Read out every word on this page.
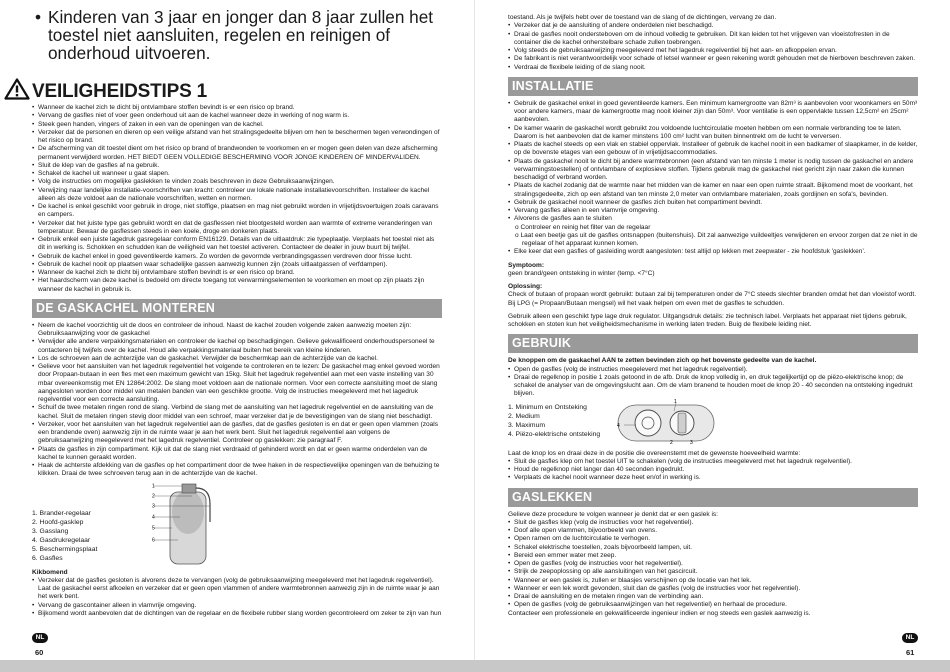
• Kinderen van 3 jaar en jonger dan 8 jaar zullen het toestel niet aansluiten, regelen en reinigen of onderhoud uitvoeren.
VEILIGHEIDSTIPS 1
• Wanneer de kachel zich te dicht bij ontvlambare stoffen bevindt is er een risico op brand.
• Vervang de gasfles niet of voer geen onderhoud uit aan de kachel wanneer deze in werking of nog warm is.
• Steek geen handen, vingers of zaken in een van de openingen van de kachel.
• Verzeker dat de personen en dieren op een veilige afstand van het stralingsgedeelte blijven om hen te beschermen tegen verwondingen of het risico op brand.
• De afscherming van dit toestel dient om het risico op brand of brandwonden te voorkomen en er mogen geen delen van deze afscherming permanent verwijderd worden. HET BIEDT GEEN VOLLEDIGE BESCHERMING VOOR JONGE KINDEREN OF MINDERVALIDEN.
• Sluit de klep van de gasfles af na gebruik.
• Schakel de kachel uit wanneer u gaat slapen.
• Volg de instructies om mogelijke gaslekken te vinden zoals beschreven in deze Gebruiksaanwijzingen.
• Verwijzing naar landelijke installatie-voorschriften van kracht: controleer uw lokale nationale installatievoorschriften. Installeer de kachel alleen als deze voldoet aan de nationale voorschriften, wetten en normen.
• De kachel is enkel geschikt voor gebruik in droge, niet stoffige, plaatsen en mag niet gebruikt worden in vrijetijdsvoertuigen zoals caravans en campers.
• Verzeker dat het juiste type gas gebruikt wordt en dat de gasflessen niet blootgesteld worden aan warmte of extreme veranderingen van temperatuur. Bewaar de gasflessen steeds in een koele, droge en donkeren plaats.
• Gebruik enkel een juiste lagedruk gasregelaar conform EN16129. Details van de uitlaatdruk: zie typeplaatje. Verplaats het toestel niet als dit in werking is. Schokken en schudden kan de veiligheid van het toestel activeren. Contacteer de dealer in jouw buurt bij twijfel.
• Gebruik de kachel enkel in goed geventileerde kamers. Zo worden de gevormde verbrandingsgassen verdreven door frisse lucht.
• Gebruik de kachel nooit op plaatsen waar schadelijke gassen aanwezig kunnen zijn (zoals uitlaatgassen of verfdampen).
• Wanneer de kachel zich te dicht bij ontvlambare stoffen bevindt is er een risico op brand.
• Het haardscherm van deze kachel is bedoeld om directe toegang tot verwarmingselementen te voorkomen en moet op zijn plaats zijn wanneer de kachel in gebruik is.
DE GASKACHEL MONTEREN
• Neem de kachel voorzichtig uit de doos en controleer de inhoud. Naast de kachel zouden volgende zaken aanwezig moeten zijn: Gebruiksaanwijzing voor de gaskachel
• Verwijder alle andere verpakkingsmaterialen en controleer de kachel op beschadigingen. Gelieve gekwalificeerd onderhoudspersoneel te contacteren bij twijfels over de kachel. Houd alle verpakkingsmateriaal buiten het bereik van kleine kinderen.
• Los de schroeven aan de achterzijde van de gaskachel. Verwijder de beschermkap aan de achterzijde van de kachel.
• Gelieve voor het aansluiten van het lagedruk regelventiel het volgende te controleren en te lezen: De gaskachel mag enkel gevoed worden door Propaan-butaan in een fles met een maximum gewicht van 15kg. Sluit het lagedruk regelventiel aan met een vaste instelling van 30 mbar overeenkomstig met EN 12864:2002. De slang moet voldoen aan de nationale normen. Voor een correcte aansluiting moet de slang aangesloten worden door middel van metalen banden van een geschikte grootte. Volg de instructies meegeleverd met het lagedruk regelventiel voor een correcte aansluiting.
• Schuif de twee metalen ringen rond de slang. Verbind de slang met de aansluiting van het lagedruk regelventiel en de aansluiting van de kachel. Sluit de metalen ringen stevig door middel van een schroef, maar verzeker dat je de bevestigingen van de slang niet beschadigt.
• Verzeker, voor het aansluiten van het lagedruk regelventiel aan de gasfles, dat de gasfles gesloten is en dat er geen open vlammen (zoals een brandende oven) aanwezig zijn in de ruimte waar je aan het werk bent. Sluit het lagedruk regelventiel aan volgens de gebruiksaanwijzing meegeleverd met het lagedruk regelventiel. Controleer op gaslekken: zie paragraaf F.
• Plaats de gasfles in zijn compartiment. Kijk uit dat de slang niet verdraaid of gehinderd wordt en dat er geen warme onderdelen van de kachel te kunnen geraakt worden.
• Haak de achterste afdekking van de gasfles op het compartiment door de twee haken in de respectievelijke openingen van de behuizing te klikken. Draai de twee schroeven terug aan in de achterzijde van de kachel.
1. Brander-regelaar
2. Hoofd-gasklep
3. Gasslang
4. Gasdrukregelaar
5. Beschermingsplaat
6. Gasfles
1
2
3
4
5
6
Kikbomend
• Verzeker dat de gasfles gesloten is alvorens deze te vervangen (volg de gebruiksaanwijzing meegeleverd met het lagedruk regelventiel). Laat de gaskachel eerst afkoelen en verzeker dat er geen open vlammen of andere warmtebronnen aanwezig zijn in de ruimte waar je aan het werk bent.
• Vervang de gascontainer alleen in vlamvrije omgeving.
• Bijkomend wordt aanbevolen dat de dichtingen van de regelaar en de flexibele rubber slang worden gecontroleerd om zeker te zijn van hun
NL
60
toestand. Als je twijfels hebt over de toestand van de slang of de dichtingen, vervang ze dan.
• Verzeker dat je de aansluiting of andere onderdelen niet beschadigd.
• Draai de gasfles nooit ondersteboven om de inhoud volledig te gebruiken. Dit kan leiden tot het vrijgeven van vloeistofresten in de container die de kachel onherstelbare schade zullen toebrengen.
• Volg steeds de gebruiksaanwijzing meegeleverd met het lagedruk regelventiel bij het aan- en afkoppelen ervan.
• De fabrikant is niet verantwoordelijk voor schade of letsel wanneer er geen rekening wordt gehouden met de hierboven beschreven zaken.
• Verdraai de flexibele leiding of de slang nooit.
INSTALLATIE
• Gebruik de gaskachel enkel in goed geventileerde kamers. Een minimum kamergrootte van 82m³ is aanbevolen voor woonkamers en 50m³ voor andere kamers, maar de kamergrootte mag nooit kleiner zijn dan 50m³. Voor ventilatie is een oppervlakte tussen 12,5cm² en 25cm² aanbevolen.
• De kamer waarin de gaskachel wordt gebruikt zou voldoende luchtcirculatie moeten hebben om een normale verbranding toe te laten. Daarom is het aanbevolen dat de kamer minstens 100 cm² lucht van buiten binnentrekt om de lucht te verversen.
• Plaats de kachel steeds op een vlak en stabiel oppervlak. Installeer of gebruik de kachel nooit in een badkamer of slaapkamer, in de kelder, op de bovenste etages van een gebouw of in vrijetijdsaccommodaties.
• Plaats de gaskachel nooit te dicht bij andere warmtebronnen (een afstand van ten minste 1 meter is nodig tussen de gaskachel en andere verwarmingstoestellen) of ontvlambare of explosieve stoffen. Tijdens gebruik mag de gaskachel niet gericht zijn naar zaken die kunnen beschadigd of verbrand worden.
• Plaats de kachel zodanig dat de warmte naar het midden van de kamer en naar een open ruimte straalt. Bijkomend moet de voorkant, het stralingsgedeelte, zich op een afstand van ten minste 2,0 meter van ontvlambare materialen, zoals gordijnen en sofa's, bevinden.
• Gebruik de gaskachel nooit wanneer de gasfles zich buiten het compartiment bevindt.
• Vervang gasfles alleen in een vlamvrije omgeving.
• Alvorens de gasfles aan te sluiten
o Controleer en reinig het filter van de regelaar
o Laat een beetje gas uit de gasfles ontsnappen (buitenshuis). Dit zal aanwezige vuildeeltjes verwijderen en ervoor zorgen dat ze niet in de regelaar of het apparaat kunnen komen.
• Elke keer dat een gasfles of gasleiding wordt aangesloten: test altijd op lekken met zeepwater - zie hoofdstuk 'gaslekken'.
Symptoom:
geen brand/geen ontsteking in winter (temp. <7°C)
Oplossing:
Check of butaan of propaan wordt gebruikt: butaan zal bij temperaturen onder de 7°C steeds slechter branden omdat het dan vloeistof wordt. Bij LPG (= Propaan/Butaan mengsel) wil het vaak helpen om even met de gasfles te schudden.
Gebruik alleen een geschikt type lage druk regulator. Uitgangsdruk details: zie technisch label. Verplaats het apparaat niet tijdens gebruik, schokken en stoten kun het veiligheidsmechanisme in werking laten treden. Buig de flexibele leiding niet.
GEBRUIK
De knoppen om de gaskachel AAN te zetten bevinden zich op het bovenste gedeelte van de kachel.
• Open de gasfles (volg de instructies meegeleverd met het lagedruk regelventiel).
• Draai de regelknop in positie 1 zoals getoond in de afb. Druk de knop volledig in, en druk tegelijkertijd op de piëzo-elektrische knop; de schakel de analyser van de omgevingslucht aan. Om de vlam branend te houden moet de knop 20 - 40 seconden na ontsteking ingedrukt blijven.
1. Minimum en Ontsteking
2. Medium
3. Maximum
4. Piëzo-elektrische ontsteking
4
1
2	3
Laat de knop los en draai deze in de positie die overeenstemt met de gewenste hoeveelheid warmte:
• Sluit de gasfles klep om het toestel UIT te schakelen (volg de instructies meegeleverd met het lagedruk regelventiel).
• Houd de regelknop niet langer dan 40 seconden ingedrukt.
• Verplaats de kachel nooit wanneer deze heet en/of in werking is.
GASLEKKEN
Gelieve deze procedure te volgen wanneer je denkt dat er een gaslek is:
• Sluit de gasfles klep (volg de instructies voor het regelventiel).
• Doof alle open vlammen, bijvoorbeeld van ovens.
• Open ramen om de luchtcirculatie te verhogen.
• Schakel elektrische toestellen, zoals bijvoorbeeld lampen, uit.
• Bereid een emmer water met zeep.
• Open de gasfles (volg de instructies voor het regelventiel).
• Strijk de zeepoplossing op alle aansluitingen van het gascircuit.
• Wanneer er een gaslek is, zullen er blaasjes verschijnen op de locatie van het lek.
• Wanneer er een lek wordt gevonden, sluit dan de gasfles (volg de instructies voor het regelventiel).
• Draai de aansluiting en de metalen ringen van de verbinding aan.
• Open de gasfles (volg de gebruiksaanwijzingen van het regelventiel) en herhaal de procedure.
Contacteer een professionele en gekwalificeerde ingenieur indien er nog steeds een gaslek aanwezig is.
NL
61
